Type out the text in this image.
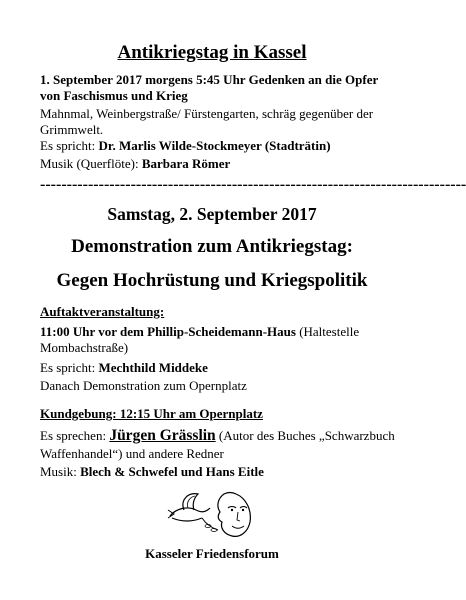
Antikriegstag in Kassel
1. September 2017 morgens 5:45 Uhr Gedenken an die Opfer
von Faschismus und Krieg
Mahnmal, Weinbergstraße/ Fürstengarten, schräg gegenüber der
Grimmwelt.
Es spricht: Dr. Marlis Wilde-Stockmeyer (Stadträtin)
Musik (Querflöte): Barbara Römer
--------------------------------------------------------------------------------
Samstag, 2. September 2017
Demonstration zum Antikriegstag:
Gegen Hochrüstung und Kriegspolitik
Auftaktveranstaltung:
11:00 Uhr vor dem Phillip-Scheidemann-Haus (Haltestelle
Mombachstraße)
Es spricht: Mechthild Middeke
Danach Demonstration zum Opernplatz
Kundgebung: 12:15 Uhr am Opernplatz
Es sprechen: Jürgen Grässlin (Autor des Buches „Schwarzbuch
Waffenhandel“) und andere Redner
Musik: Blech & Schwefel und Hans Eitle
Kasseler Friedensforum
